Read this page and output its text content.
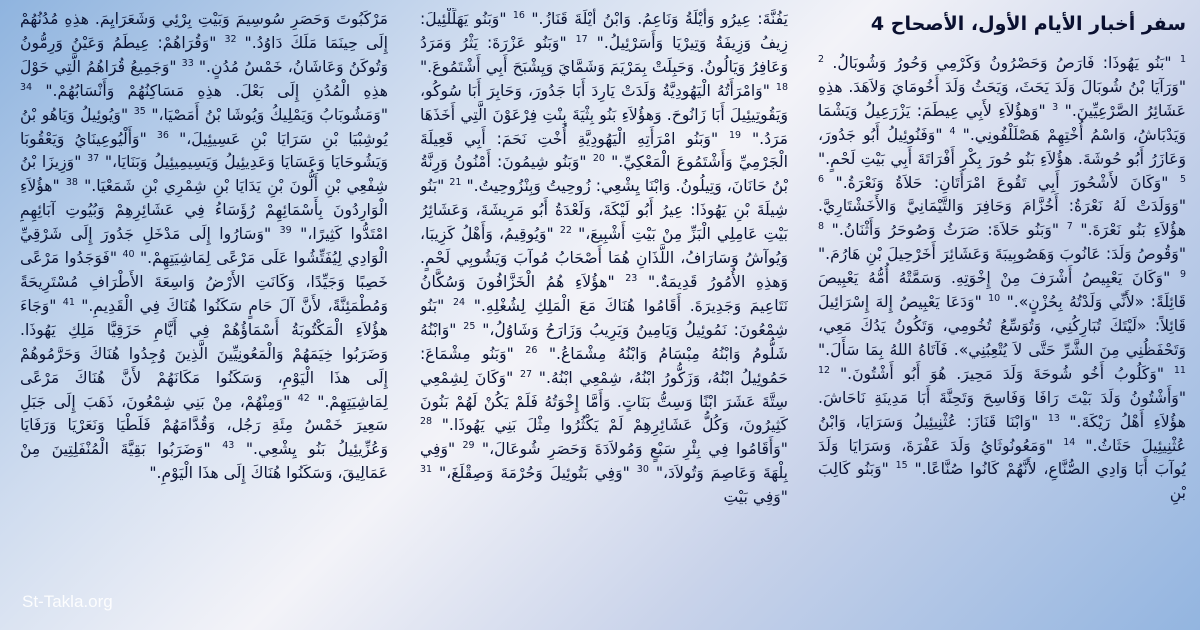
سفر أخبار الأيام الأول، الأصحاح 4

$^1$ "بَنُو يَهُوذَا: فَارَصُ وَحَصْرُونُ وَكَرْمِي وَحُورُ وَشُوبَالُ. $^2$ "وَرَآيَا بْنُ شُوبَالَ وَلَدَ يَحَثَ، وَيَحَثُ وَلَدَ أَخُومَايَ وَلاَهَدَ. هذِهِ عَشَائِرُ الصَّرْعِيِّينَ." $^3$ "وَهؤُلاَءِ لأَبِي عِيطَمَ: يَزْرَعِيلُ وَيَشْمَا وَيَدْبَاشُ، وَاسْمُ أُخْتِهِمْ هَصْلَلْفُونِي." $^4$ "وَفَنُوئِيلُ أَبُو جَدُورَ، وَعَازَرُ أَبُو حُوشَةَ. هؤُلاَءِ بَنُو حُورَ بِكْرِ أَفْرَاتَةَ أَبِي بَيْتِ لَحْمٍ." $^5$ "وَكَانَ لأَشْحُورَ أَبِي تَقُوعَ امْرَأَتَانِ: حَلاَةُ وَنَعْرَةُ." $^6$ "وَوَلَدَتْ لَهُ نَعْرَةُ: أَخُزَّامَ وَحَافِرَ وَالتَّيْمَانِيَّ وَالأَخَشْتَارِيَّ. هؤُلاَءِ بَنُو نَعْرَةَ." $^7$ "وَبَنُو حَلاَةَ: صَرَثُ وَصُوحَرُ وَأَثْنَانُ." $^8$ "وَقُوصُ وَلَدَ: عَانُوبَ وَهَصُوبِيبَةَ وَعَشَائِرَ أَخَرْحِيلَ بْنِ هَارُمَ." $^9$ "وَكَانَ يَعْبِيصُ أَشْرَفَ مِنْ إِخْوَتِهِ. وَسَمَّتْهُ أُمُّهُ يَعْبِيصَ قَائِلَةً: «لأَنِّي وَلَدْتُهُ بِحُزْنٍ»." $^{10}$ "وَدَعَا يَعْبِيصُ إِلهَ إِسْرَائِيلَ قَائِلاً: «لَيْتَكَ تُبَارِكُنِي، وَتُوَسِّعُ تُخُومِي، وَتَكُونُ يَدُكَ مَعِي، وَتَحْفَظُنِي مِنَ الشَّرِّ حَتَّى لاَ يُتْعِبُنِي». فَآتَاهُ اللهُ بِمَا سَأَلَ." $^{11}$ "وَكَلُوبُ أَخُو شُوحَةَ وَلَدَ مَحِيرَ. هُوَ أَبُو أَشْتُونَ." $^{12}$ "وَأَشْتُونُ وَلَدَ بَيْتَ رَافَا وَفَاسِحَ وَتَحِنَّةَ أَبَا مَدِينَةِ نَاحَاشَ. هؤُلاَءِ أَهْلُ رَيْكَةَ." $^{13}$ "وَابْنَا قَنَازَ: عُثْنِيئِيلُ وَسَرَايَا، وَابْنُ عُثْنِيئِيلَ حَثَاثُ." $^{14}$ "وَمَعُونُوثَايُ وَلَدَ عَفْرَةَ، وَسَرَايَا وَلَدَ يُوآبَ أَبَا وَادِي الصُّنَّاعِ، لأَنَّهُمْ كَانُوا صُنَّاعًا." $^{15}$ "وَبَنُو كَالِبَ بْنِ

يَفُنَّةَ: عِيرُو وَأَيْلَةُ وَنَاعِمُ. وَابْنُ أَيْلَةَ قَنَازُ." $^{16}$ "وَبَنُو يَهَلِّلْئِيلَ: زِيفُ وَزِيفَةُ وَتِيرْيَا وَأَسَرْئِيلُ." $^{17}$ "وَبَنُو عَزْرَةَ: يَثْرُ وَمَرَدُ وَعَافِرُ وَيَالُونُ. وَحَبِلَتْ بِمَرْيَمَ وَشَمَّايَ وَيِشْبَحَ أَبِي أَشْتَمُوعَ." $^{18}$ "وَامْرَأَتُهُ الْيَهُودِيَّةُ وَلَدَتْ يَارِدَ أَبَا جَدُورَ، وَحَابِرَ أَبَا سُوكُو، وَيَقُوتِيئِيلَ أَبَا زَانُوحَ. وَهؤُلاَءِ بَنُو بِثْيَةَ بِنْتِ فِرْعَوْنَ الَّتِي أَخَذَهَا مَرَدُ." $^{19}$ "وَبَنُو امْرَأَتِهِ الْيَهُودِيَّةِ أُخْتِ نَحَمَ: أَبِي قَعِيلَةَ الْجَرْمِيِّ وَأَشْتَمُوعَ الْمَعْكِيِّ." $^{20}$ "وَبَنُو شِيمُونَ: أَمْنُونُ وَرِنَّةُ بْنُ حَانَانَ، وَتِيلُونُ. وَابْنَا يِشْعِي: زُوحِيتُ وَبِنْزُوحِيتُ." $^{21}$ "بَنُو شِيلَةَ بْنِ يَهُوذَا: عِيرُ أَبُو لَيْكَةَ، وَلَعْدَةُ أَبُو مَرِيشَةَ، وَعَشَائِرُ بَيْتِ عَامِلِي الْبَزِّ مِنْ بَيْتِ أَشْبِيعَ،" $^{22}$ "وَيُوقِيمُ، وَأَهْلُ كَزِيبَا، وَيُوآشُ وَسَارَافُ، اللَّذَانِ هُمَا أَصْحَابُ مُوآبَ وَيَشُوبِي لَحْمٍ. وَهذِهِ الأُمُورُ قَدِيمَةٌ." $^{23}$ "هؤُلاَءِ هُمُ الْخَزَّافُونَ وَسُكَّانُ نَتَاعِيمَ وَجَدِيرَةَ. أَقَامُوا هُنَاكَ مَعَ الْمَلِكِ لِشُغْلِهِ." $^{24}$ "بَنُو شِمْعُونَ: نَمُوئِيلُ وَيَامِينُ وَيَرِيبُ وَزَارَحُ وَشَاوُلُ،" $^{25}$ "وَابْنُهُ شَلُّومُ وَابْنُهُ مِبْسَامُ وَابْنُهُ مِشْمَاعُ." $^{26}$ "وَبَنُو مِشْمَاعَ: حَمُوئِيلُ ابْنُهُ، وَزَكُّورُ ابْنُهُ، شِمْعِي ابْنُهُ." $^{27}$ "وَكَانَ لِشِمْعِي سِتَّةَ عَشَرَ ابْنًا وَسِتُّ بَنَاتٍ. وَأَمَّا إِخْوَتُهُ فَلَمْ يَكُنْ لَهُمْ بَنُونَ كَثِيرُونَ، وَكُلُّ عَشَائِرِهِمْ لَمْ يَكْثُرُوا مِثْلَ بَنِي يَهُوذَا." $^{28}$ "وَأَقَامُوا فِي بِئْرِ سَبْعٍ وَمُولاَدَةَ وَحَصَرِ شُوعَالَ،" $^{29}$ "وَفِي بِلْهَةَ وَعَاصِمَ وَتُولاَدَ،" $^{30}$ "وَفِي بَتُوئِيلَ وَحُرْمَةَ وَصِقْلَغَ،" $^{31}$ "وَفِي بَيْتِ

مَرْكَبُوتَ وَحَصَرِ سُوسِيمَ وَبَيْتِ بِرْئِي وَشَعَرَايِمَ. هذِهِ مُدُنُهُمْ إِلَى حِينَمَا مَلَكَ دَاوُدُ." $^{32}$ "وَقُرَاهُمْ: عِيطَمُ وَعَيْنُ وَرِمُّونُ وَتُوكَنُ وَعَاشَانُ، خَمْسُ مُدُنٍ." $^{33}$ "وَجَمِيعُ قُرَاهُمُ الَّتِي حَوْلَ هذِهِ الْمُدُنِ إِلَى بَعْلَ. هذِهِ مَسَاكِنُهُمْ وَأَنْسَابُهُمْ." $^{34}$ "وَمَشُوبَابُ وَيَمْلِيكُ وَيُوشَا بْنُ أَمَصْيَا،" $^{35}$ "وَيُوئِيلُ وَيَاهُو بْنُ يُوشِبْيَا بْنِ سَرَايَا بْنِ عَسِيئِيلَ،" $^{36}$ "وَأَلْيُوعِينَايُ وَيَعْقُوبَا وَيَشُوحَايَا وَعَسَايَا وَعَدِيئِيلُ وَيَسِيمِيئِيلُ وَبَنَايَا،" $^{37}$ "وَزِيزَا بْنُ شِفْعِي بْنِ أَلُّونَ بْنِ يَدَايَا بْنِ شِمْرِي بْنِ شَمَعْيَا." $^{38}$ "هؤُلاَءِ الْوَارِدُونَ بِأَسْمَائِهِمْ رُؤَسَاءُ فِي عَشَائِرِهِمْ وَبُيُوتِ آبَائِهِمِ امْتَدُّوا كَثِيرًا،" $^{39}$ "وَسَارُوا إِلَى مَدْخَلِ جَدُورَ إِلَى شَرْقِيِّ الْوَادِي لِيُفَتِّشُوا عَلَى مَرْعًى لِمَاشِيَتِهِمْ." $^{40}$ "فَوَجَدُوا مَرْعًى خَصِبًا وَجَيِّدًا، وَكَانَتِ الأَرْضُ وَاسِعَةَ الأَطْرَافِ مُسْتَرِيحَةً وَمُطْمَئِنَّةً، لأَنَّ آلَ حَامٍ سَكَنُوا هُنَاكَ فِي الْقَدِيمِ." $^{41}$ "وَجَاءَ هؤُلاَءِ الْمَكْتُوبَةُ أَسْمَاؤُهُمْ فِي أَيَّامِ حَزَقِيَّا مَلِكِ يَهُوذَا. وَضَرَبُوا خِيَمَهُمْ وَالْمَعُونِيِّينَ الَّذِينَ وُجِدُوا هُنَاكَ وَحَرَّمُوهُمْ إِلَى هذَا الْيَوْمِ، وَسَكَنُوا مَكَانَهُمْ لأَنَّ هُنَاكَ مَرْعًى لِمَاشِيَتِهِمْ." $^{42}$ "وَمِنْهُمْ، مِنْ بَنِي شِمْعُونَ، ذَهَبَ إِلَى جَبَلِ سَعِيرَ خَمْسُ مِئَةِ رَجُل، وَقُدَّامَهُمْ فَلَطْيَا وَنَعَرْيَا وَرَفَايَا وَعُزِّيئِيلُ بَنُو يِشْعِي." $^{43}$ "وَضَرَبُوا بَقِيَّةَ الْمُنْفَلِتِينَ مِنْ عَمَالِيقَ، وَسَكَنُوا هُنَاكَ إِلَى هذَا الْيَوْمِ."

St-Takla.org
